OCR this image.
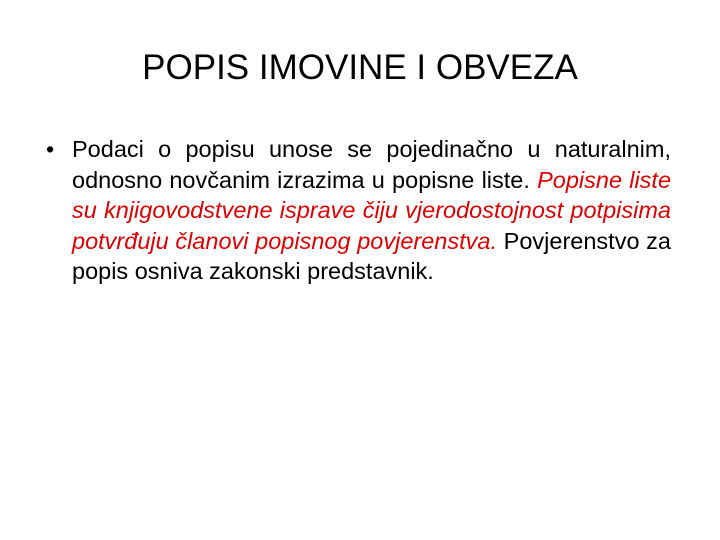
POPIS IMOVINE I OBVEZA
• Podaci o popisu unose se pojedinačno u naturalnim, odnosno novčanim izrazima u popisne liste. Popisne liste su knjigovodstvene isprave čiju vjerodostojnost potpisima potvrđuju članovi popisnog povjerenstva. Povjerenstvo za popis osniva zakonski predstavnik.
